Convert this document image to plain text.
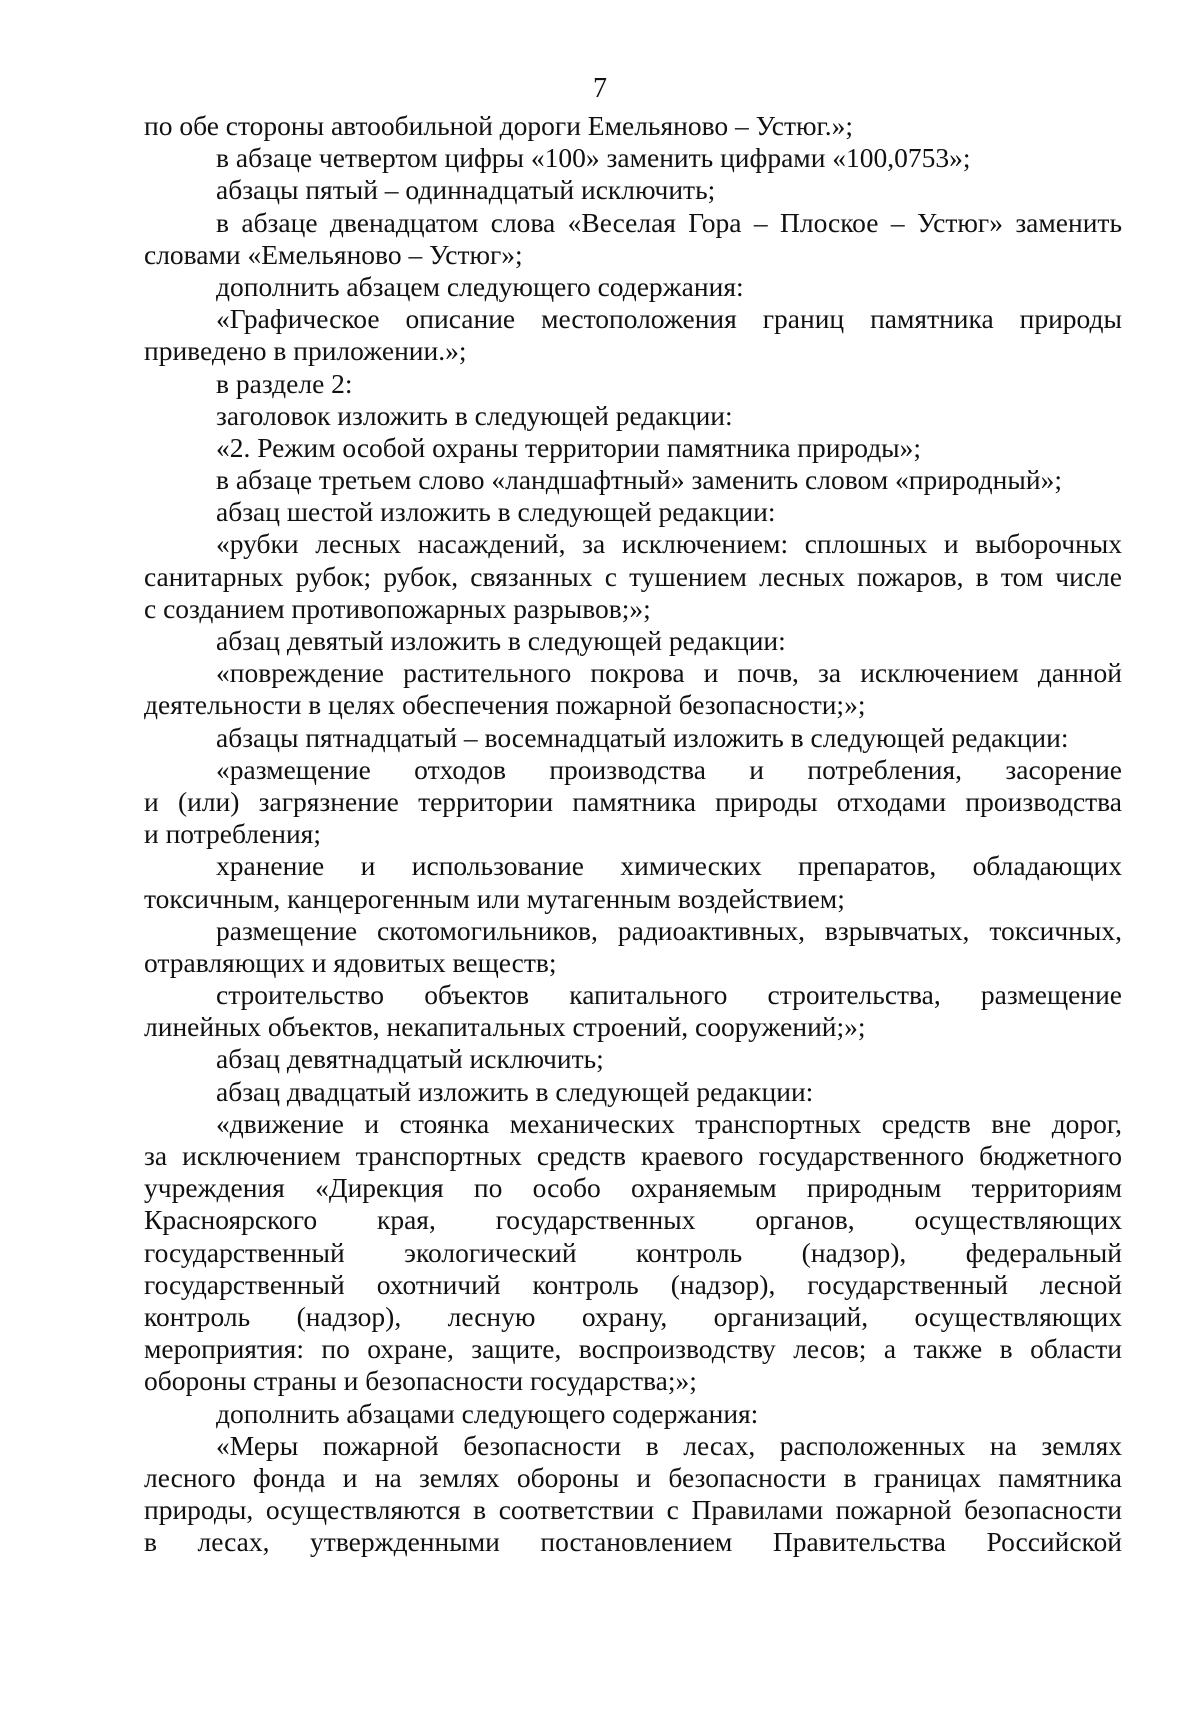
7
по обе стороны автообильной дороги Емельяново – Устюг.»;
в абзаце четвертом цифры «100» заменить цифрами «100,0753»;
абзацы пятый – одиннадцатый исключить;
в абзаце двенадцатом слова «Веселая Гора – Плоское – Устюг» заменить
словами «Емельяново – Устюг»;
дополнить абзацем следующего содержания:
«Графическое описание местоположения границ памятника природы
приведено в приложении.»;
в разделе 2:
заголовок изложить в следующей редакции:
«2. Режим особой охраны территории памятника природы»;
в абзаце третьем слово «ландшафтный» заменить словом «природный»;
абзац шестой изложить в следующей редакции:
«рубки лесных насаждений, за исключением: сплошных и выборочных
санитарных рубок; рубок, связанных с тушением лесных пожаров, в том числе
с созданием противопожарных разрывов;»;
абзац девятый изложить в следующей редакции:
«повреждение растительного покрова и почв, за исключением данной
деятельности в целях обеспечения пожарной безопасности;»;
абзацы пятнадцатый – восемнадцатый изложить в следующей редакции:
«размещение отходов производства и потребления, засорение
и (или) загрязнение территории памятника природы отходами производства
и потребления;
хранение и использование химических препаратов, обладающих
токсичным, канцерогенным или мутагенным воздействием;
размещение скотомогильников, радиоактивных, взрывчатых, токсичных,
отравляющих и ядовитых веществ;
строительство объектов капитального строительства, размещение
линейных объектов, некапитальных строений, сооружений;»;
абзац девятнадцатый исключить;
абзац двадцатый изложить в следующей редакции:
«движение и стоянка механических транспортных средств вне дорог,
за исключением транспортных средств краевого государственного бюджетного
учреждения «Дирекция по особо охраняемым природным территориям
Красноярского края, государственных органов, осуществляющих
государственный экологический контроль (надзор), федеральный
государственный охотничий контроль (надзор), государственный лесной
контроль (надзор), лесную охрану, организаций, осуществляющих
мероприятия: по охране, защите, воспроизводству лесов; а также в области
обороны страны и безопасности государства;»;
дополнить абзацами следующего содержания:
«Меры пожарной безопасности в лесах, расположенных на землях
лесного фонда и на землях обороны и безопасности в границах памятника
природы, осуществляются в соответствии с Правилами пожарной безопасности
в лесах, утвержденными постановлением Правительства Российской
